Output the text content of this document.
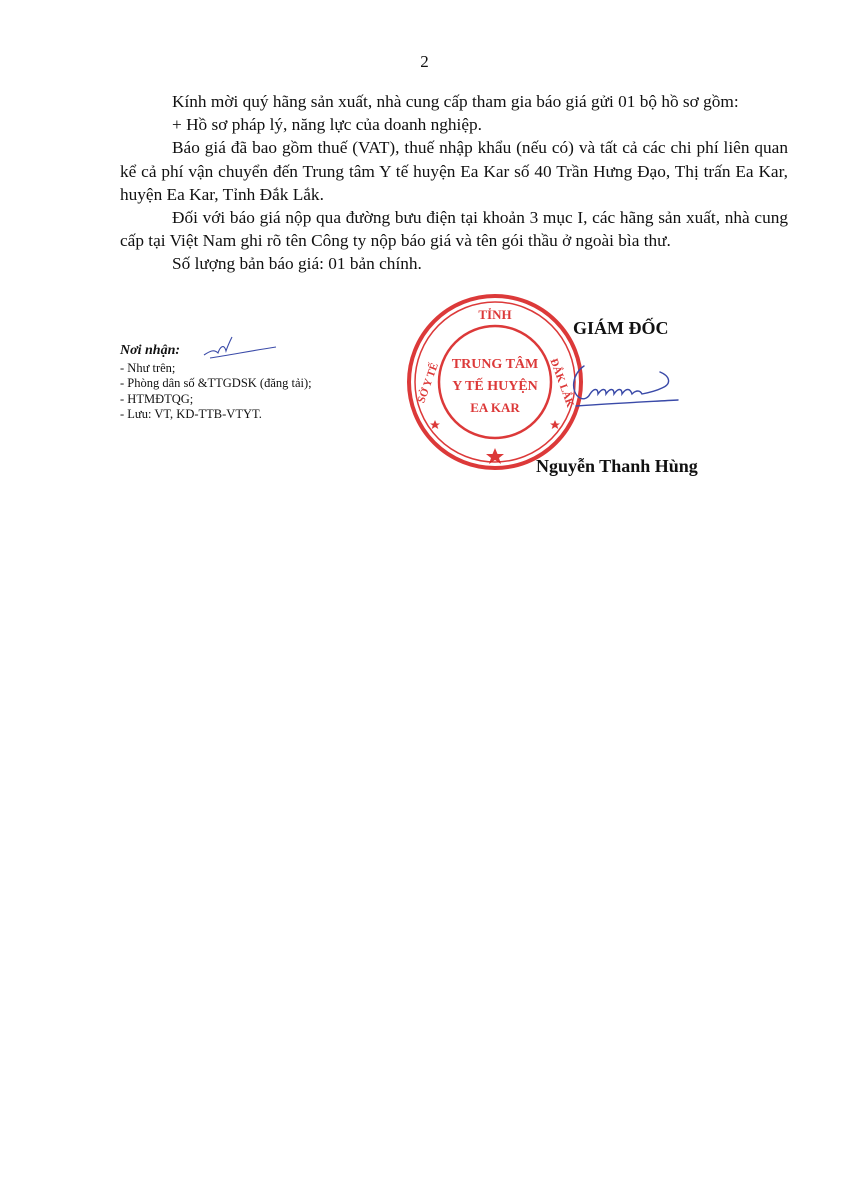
2

Kính mời quý hãng sản xuất, nhà cung cấp tham gia báo giá gửi 01 bộ hồ sơ gồm:

+ Hồ sơ pháp lý, năng lực của doanh nghiệp.

Báo giá đã bao gồm thuế (VAT), thuế nhập khẩu (nếu có) và tất cả các chi phí liên quan kể cả phí vận chuyển đến Trung tâm Y tế huyện Ea Kar số 40 Trần Hưng Đạo, Thị trấn Ea Kar, huyện Ea Kar, Tỉnh Đắk Lắk.

Đối với báo giá nộp qua đường bưu điện tại khoản 3 mục I, các hãng sản xuất, nhà cung cấp tại Việt Nam ghi rõ tên Công ty nộp báo giá và tên gói thầu ở ngoài bìa thư.

Số lượng bản báo giá: 01 bản chính.

Nơi nhận:
- Như trên;
- Phòng dân số &TTGDSK (đăng tải);
- HTMĐTQG;
- Lưu: VT, KD-TTB-VTYT.
GIÁM ĐỐC
TỈNH
SỞ Y TẾ	ĐẮK LẮK
TRUNG TÂM
Y TẾ HUYỆN
EA KAR
Nguyễn Thanh Hùng
